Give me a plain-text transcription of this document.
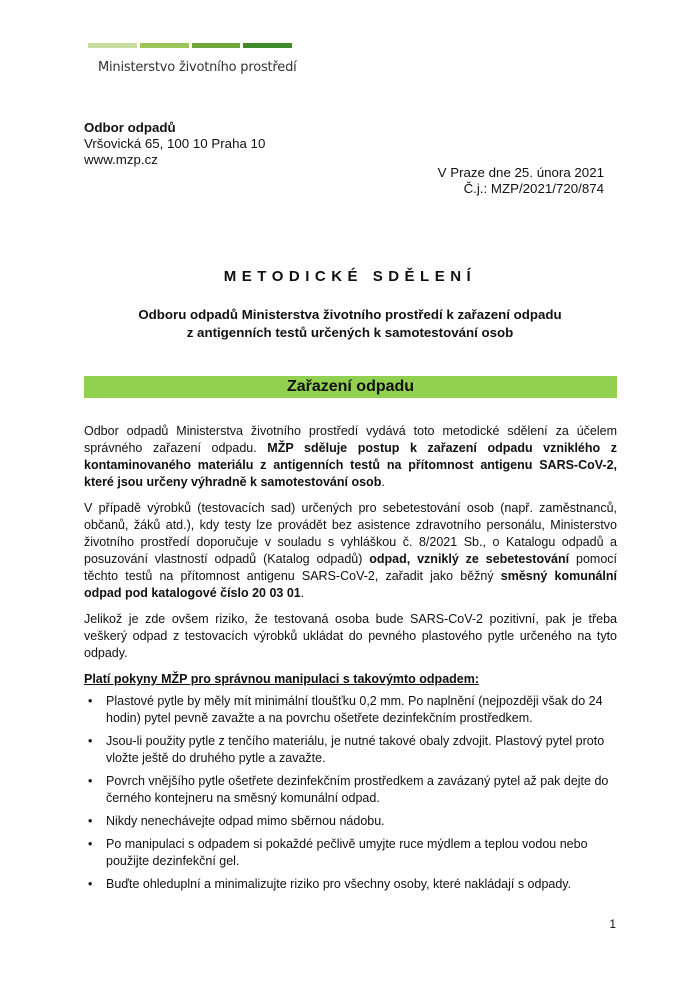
Ministerstvo životního prostředí
Odbor odpadů
Vršovická 65, 100 10 Praha 10
www.mzp.cz
V Praze dne 25. února 2021
Č.j.: MZP/2021/720/874
METODICKÉ SDĚLENÍ
Odboru odpadů Ministerstva životního prostředí k zařazení odpadu
z antigenních testů určených k samotestování osob
Zařazení odpadu

Odbor odpadů Ministerstva životního prostředí vydává toto metodické sdělení za účelem správného zařazení odpadu. MŽP sděluje postup k zařazení odpadu vzniklého z kontaminovaného materiálu z antigenních testů na přítomnost antigenu SARS-CoV-2, které jsou určeny výhradně k samotestování osob.

V případě výrobků (testovacích sad) určených pro sebetestování osob (např. zaměstnanců, občanů, žáků atd.), kdy testy lze provádět bez asistence zdravotního personálu, Ministerstvo životního prostředí doporučuje v souladu s vyhláškou č. 8/2021 Sb., o Katalogu odpadů a posuzování vlastností odpadů (Katalog odpadů) odpad, vzniklý ze sebetestování pomocí těchto testů na přítomnost antigenu SARS-CoV-2, zařadit jako běžný směsný komunální odpad pod katalogové číslo 20 03 01.

Jelikož je zde ovšem riziko, že testovaná osoba bude SARS-CoV-2 pozitivní, pak je třeba veškerý odpad z testovacích výrobků ukládat do pevného plastového pytle určeného na tyto odpady.

Platí pokyny MŽP pro správnou manipulaci s takovýmto odpadem:
• Plastové pytle by měly mít minimální tloušťku 0,2 mm. Po naplnění (nejpozději však do 24 hodin) pytel pevně zavažte a na povrchu ošetřete dezinfekčním prostředkem.
• Jsou-li použity pytle z tenčího materiálu, je nutné takové obaly zdvojit. Plastový pytel proto vložte ještě do druhého pytle a zavažte.
• Povrch vnějšího pytle ošetřete dezinfekčním prostředkem a zavázaný pytel až pak dejte do černého kontejneru na směsný komunální odpad.
• Nikdy nenechávejte odpad mimo sběrnou nádobu.
• Po manipulaci s odpadem si pokaždé pečlivě umyjte ruce mýdlem a teplou vodou nebo použijte dezinfekční gel.
• Buďte ohleduplní a minimalizujte riziko pro všechny osoby, které nakládají s odpady.
1
